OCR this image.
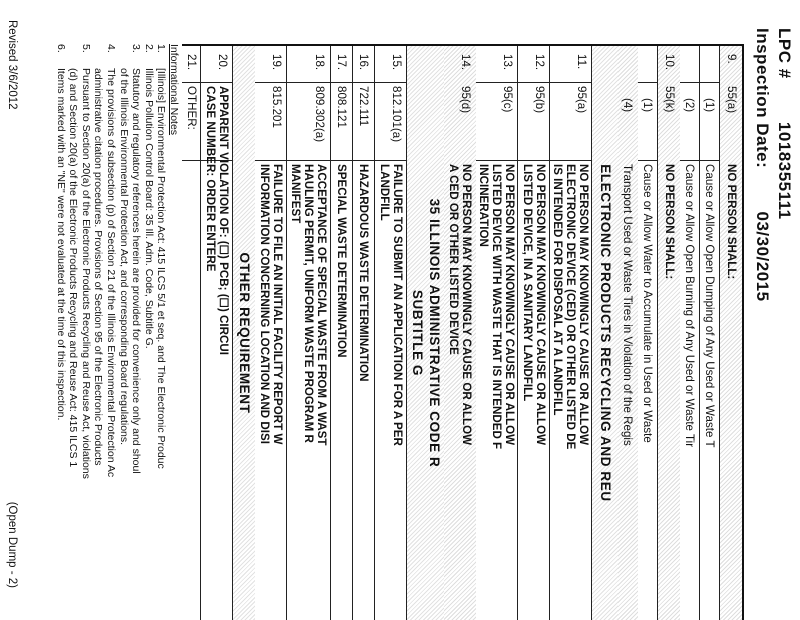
LPC # 1018355111
Inspection Date: 03/30/2015
9.
55(a)
NO PERSON SHALL:
(1)
Cause or Allow Open Dumping of Any Used or Waste T
(2)
Cause or Allow Open Burning of Any Used or Waste Tir
10.
55(k)
NO PERSON SHALL:
(1)
Cause or Allow Water to Accumulate in Used or Waste
(4)
Transport Used or Waste Tires in Violation of the Regis
ELECTRONIC PRODUCTS RECYCLING AND REU
11.
95(a)
NO PERSON MAY KNOWINGLY CAUSE OR ALLOW
ELECTRONIC DEVICE (CED) OR OTHER LISTED DE
IS INTENDED FOR DISPOSAL AT A LANDFILL
12.
95(b)
NO PERSON MAY KNOWINGLY CAUSE OR ALLOW
LISTED DEVICE, IN A SANITARY LANDFILL
13.
95(c)
NO PERSON MAY KNOWINGLY CAUSE OR ALLOW
LISTED DEVICE WITH WASTE THAT IS INTENDED F
INCINERATION
14.
95(d)
NO PERSON MAY KNOWINGLY CAUSE OR ALLOW
A CED OR OTHER LISTED DEVICE
35 ILLINOIS ADMINISTRATIVE CODE R
SUBTITLE G
15.
812.101(a)
FAILURE TO SUBMIT AN APPLICATION FOR A PER
LANDFILL
16.
722.111
HAZARDOUS WASTE DETERMINATION
17.
808.121
SPECIAL WASTE DETERMINATION
18.
809.302(a)
ACCEPTANCE OF SPECIAL WASTE FROM A WAST
HAULING PERMIT, UNIFORM WASTE PROGRAM R
MANIFEST
19.
815.201
FAILURE TO FILE AN INITIAL FACILITY REPORT W
INFORMATION CONCERNING LOCATION AND DISI
OTHER REQUIREMENT
20.
APPARENT VIOLATION OF: (☐) PCB; (☐) CIRCUI
CASE NUMBER: ORDER ENTERE
21.
OTHER:
Informational Notes
1.
[Illinois] Environmental Protection Act: 415 ILCS 5/1 et seq. and The Electronic Produc
2.
Illinois Pollution Control Board: 35 Ill. Adm. Code, Subtitle G.
3.
Statutory and regulatory references herein are provided for convenience only and shoul
of the Illinois Environmental Protection Act, and corresponding Board regulations.
4.
The provisions of subsection (p) of Section 21 of the Illinois Environmental Protection Ac
administrative citation procedures. Provisions of Section 95 of the Electronic Products
5.
Pursuant to Section 20(a) of the Electronic Products Recycling and Reuse Act, violations
(d) and Section 20(a) of the Electronic Products Recycling and Reuse Act: 415 ILCS 1
6.
Items marked with an "NE" were not evaluated at the time of this inspection.
Revised 3/6/2012
(Open Dump - 2)
